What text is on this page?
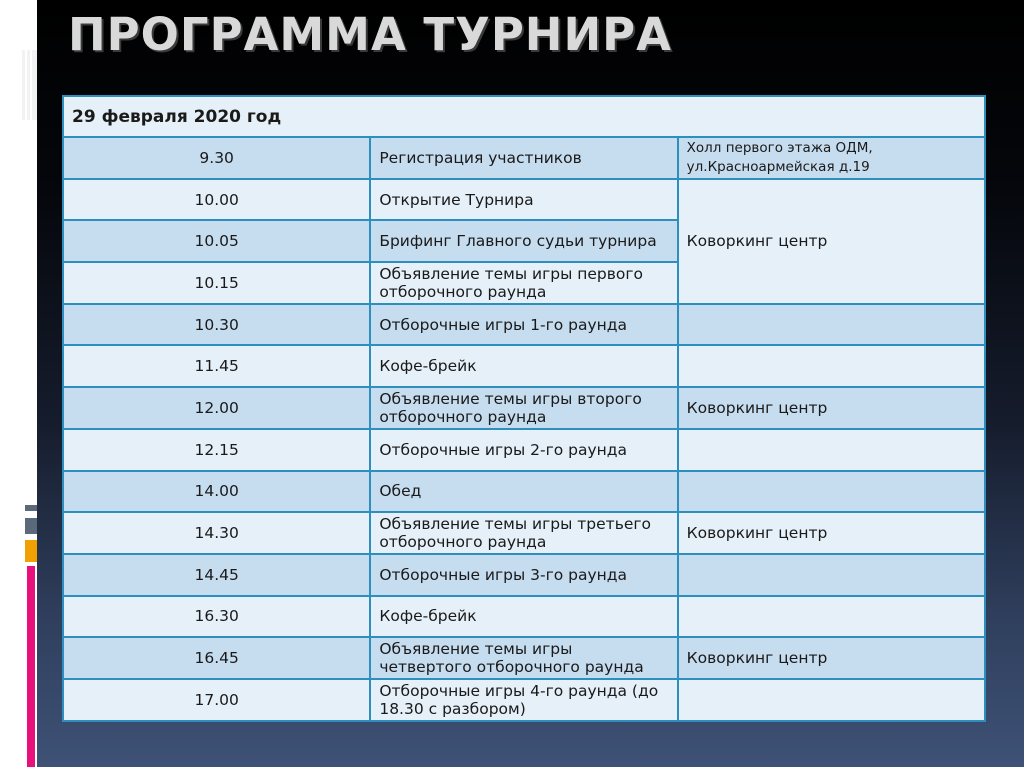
ПРОГРАММА ТУРНИРА
29 февраля 2020 год		
9.30	Регистрация участников	Холл первого этажа ОДМ, ул.Красноармейская д.19
10.00	Открытие Турнира	Коворкинг центр
10.05	Брифинг Главного судьи турнира	
10.15	Объявление темы игры первого отборочного раунда	
10.30	Отборочные игры 1-го раунда	
11.45	Кофе-брейк	
12.00	Объявление темы игры второго отборочного раунда	Коворкинг центр
12.15	Отборочные игры 2-го раунда	
14.00	Обед	
14.30	Объявление темы игры третьего отборочного раунда	Коворкинг центр
14.45	Отборочные игры 3-го раунда	
16.30	Кофе-брейк	
16.45	Объявление темы игры четвертого отборочного раунда	Коворкинг центр
17.00	Отборочные игры 4-го раунда (до 18.30 с разбором)	
